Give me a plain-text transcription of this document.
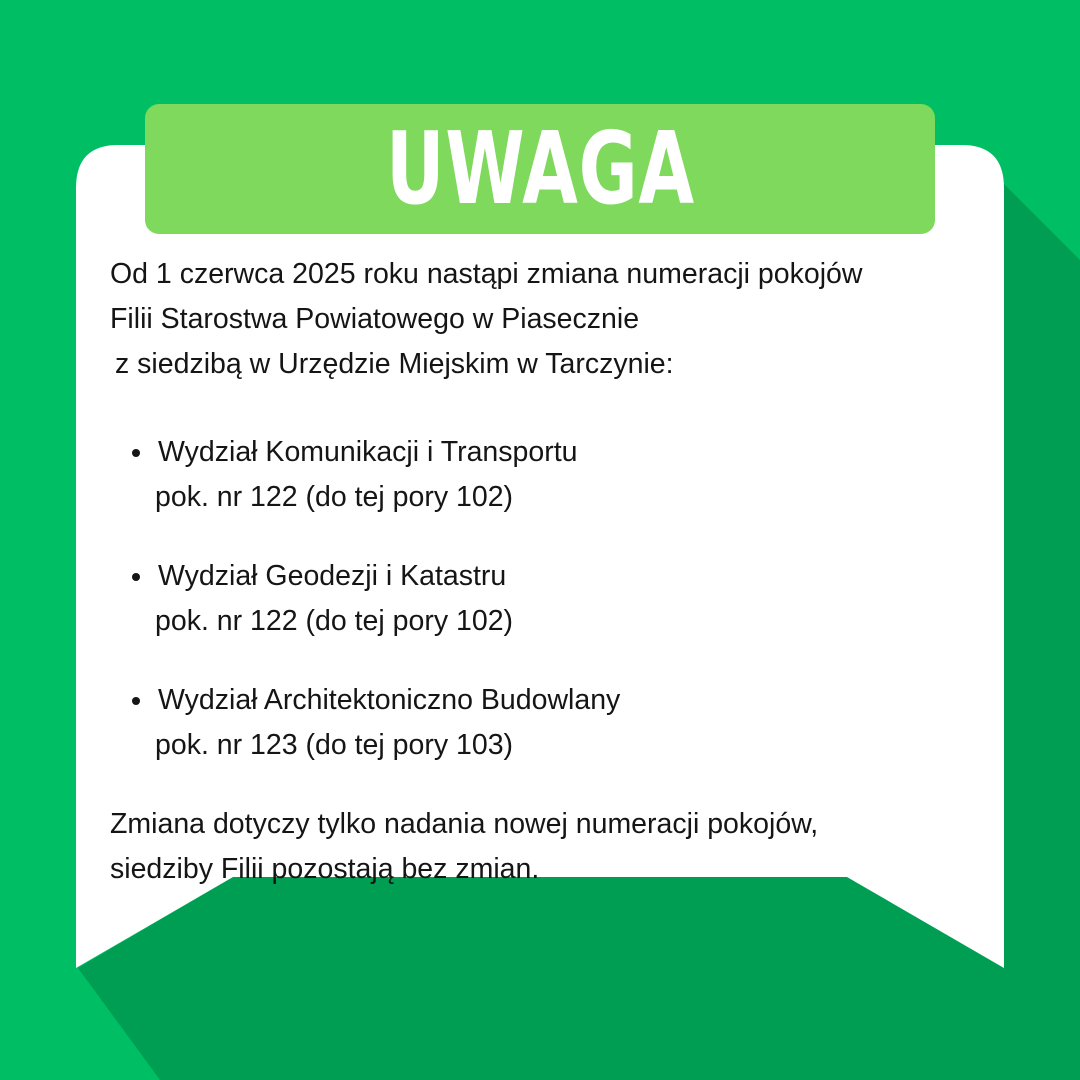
UWAGA

Od 1 czerwca 2025 roku nastąpi zmiana numeracji pokojów
Filii Starostwa Powiatowego w Piasecznie
z siedzibą w Urzędzie Miejskim w Tarczynie:

Wydział Komunikacji i Transportu
pok. nr 122 (do tej pory 102)
Wydział Geodezji i Katastru
pok. nr 122 (do tej pory 102)
Wydział Architektoniczno Budowlany
pok. nr 123 (do tej pory 103)

Zmiana dotyczy tylko nadania nowej numeracji pokojów,
siedziby Filii pozostają bez zmian.
